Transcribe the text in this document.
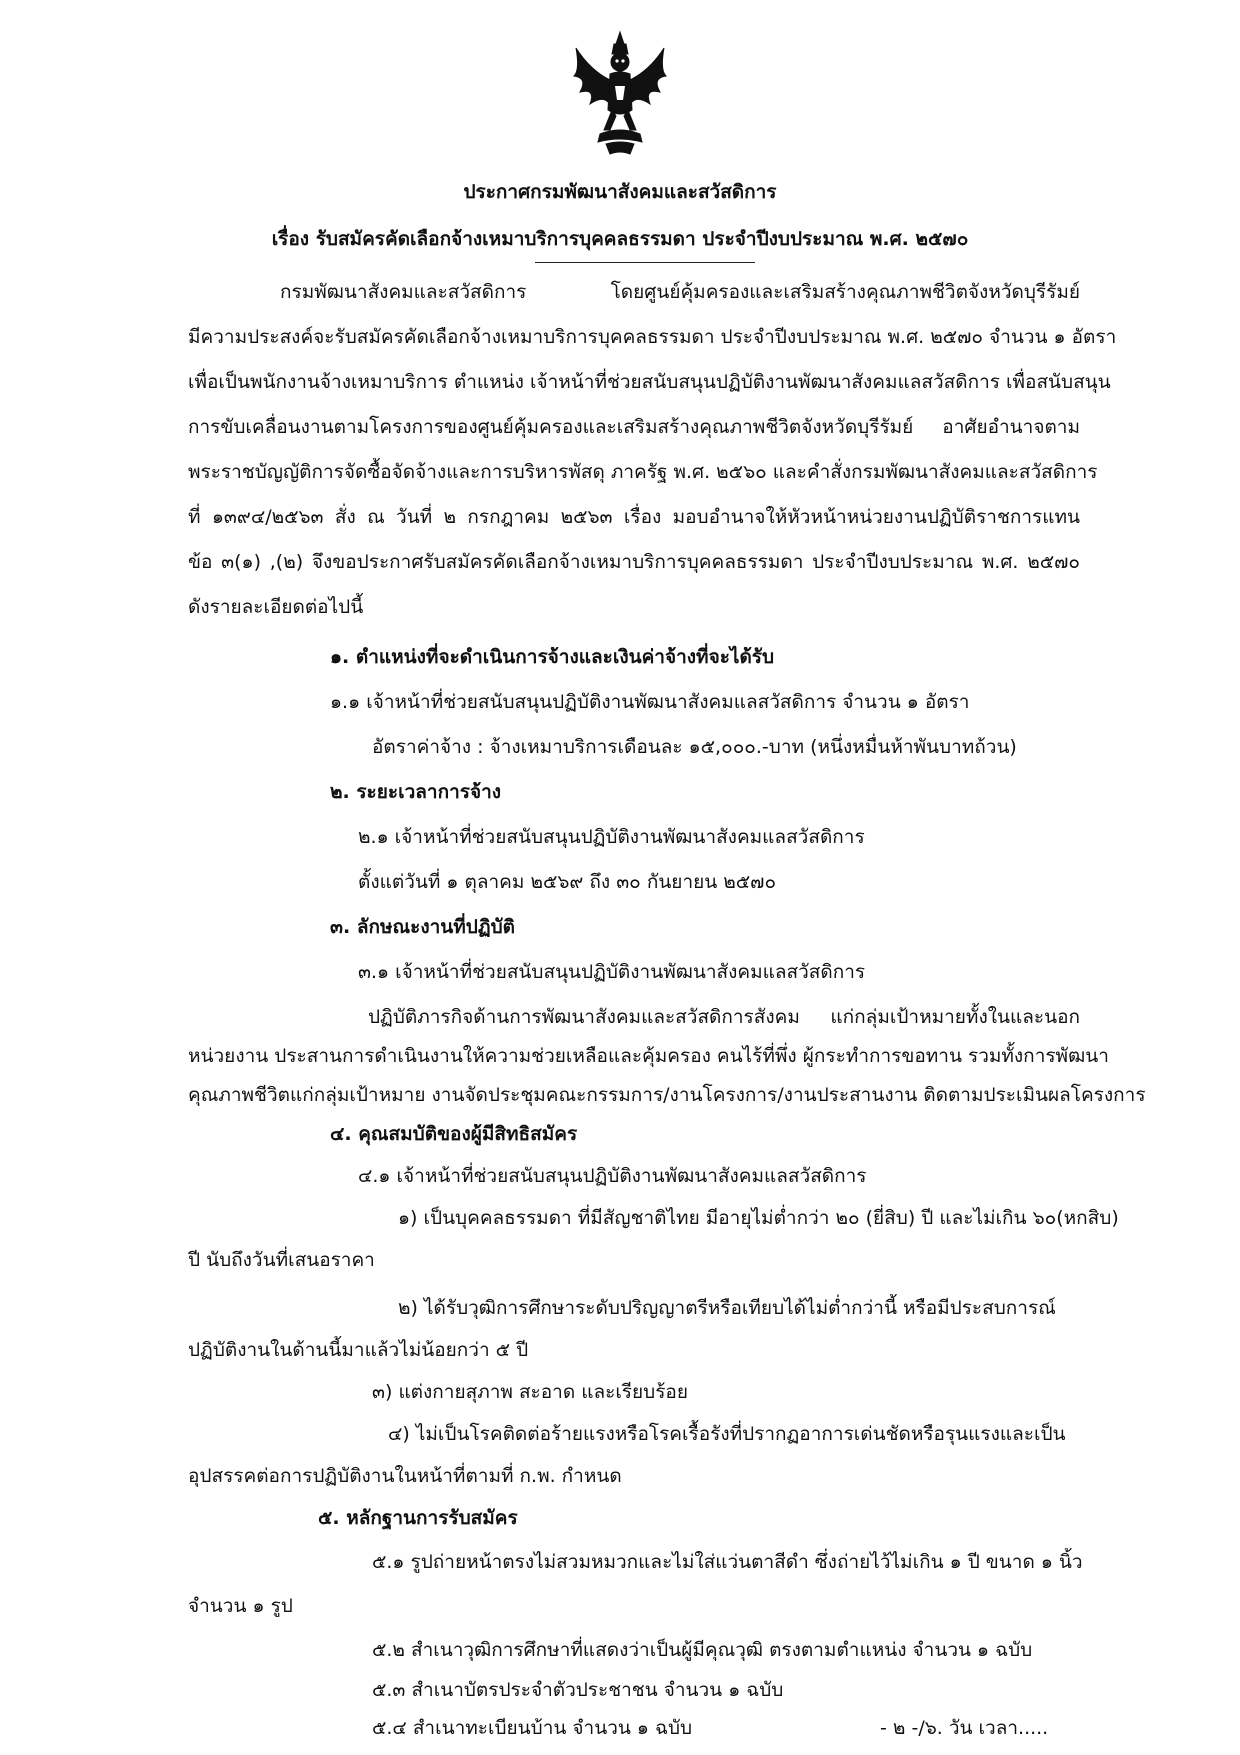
ประกาศกรมพัฒนาสังคมและสวัสดิการ
เรื่อง รับสมัครคัดเลือกจ้างเหมาบริการบุคคลธรรมดา ประจำปีงบประมาณ พ.ศ. ๒๕๗๐
กรมพัฒนาสังคมและสวัสดิการ โดยศูนย์คุ้มครองและเสริมสร้างคุณภาพชีวิตจังหวัดบุรีรัมย์
มีความประสงค์จะรับสมัครคัดเลือกจ้างเหมาบริการบุคคลธรรมดา ประจำปีงบประมาณ พ.ศ. ๒๕๗๐ จำนวน ๑ อัตรา
เพื่อเป็นพนักงานจ้างเหมาบริการ ตำแหน่ง เจ้าหน้าที่ช่วยสนับสนุนปฏิบัติงานพัฒนาสังคมแลสวัสดิการ เพื่อสนับสนุน
การขับเคลื่อนงานตามโครงการของศูนย์คุ้มครองและเสริมสร้างคุณภาพชีวิตจังหวัดบุรีรัมย์ อาศัยอำนาจตาม
พระราชบัญญัติการจัดซื้อจัดจ้างและการบริหารพัสดุ ภาครัฐ พ.ศ. ๒๕๖๐ และคำสั่งกรมพัฒนาสังคมและสวัสดิการ
ที่ ๑๓๙๔/๒๕๖๓ สั่ง ณ วันที่ ๒ กรกฎาคม ๒๕๖๓ เรื่อง มอบอำนาจให้หัวหน้าหน่วยงานปฏิบัติราชการแทน
ข้อ ๓(๑) ,(๒) จึงขอประกาศรับสมัครคัดเลือกจ้างเหมาบริการบุคคลธรรมดา ประจำปีงบประมาณ พ.ศ. ๒๕๗๐
ดังรายละเอียดต่อไปนี้
๑. ตำแหน่งที่จะดำเนินการจ้างและเงินค่าจ้างที่จะได้รับ
๑.๑ เจ้าหน้าที่ช่วยสนับสนุนปฏิบัติงานพัฒนาสังคมแลสวัสดิการ จำนวน ๑ อัตรา
อัตราค่าจ้าง : จ้างเหมาบริการเดือนละ ๑๕,๐๐๐.-บาท (หนึ่งหมื่นห้าพันบาทถ้วน)
๒. ระยะเวลาการจ้าง
๒.๑ เจ้าหน้าที่ช่วยสนับสนุนปฏิบัติงานพัฒนาสังคมแลสวัสดิการ
ตั้งแต่วันที่ ๑ ตุลาคม ๒๕๖๙ ถึง ๓๐ กันยายน ๒๕๗๐
๓. ลักษณะงานที่ปฏิบัติ
๓.๑ เจ้าหน้าที่ช่วยสนับสนุนปฏิบัติงานพัฒนาสังคมแลสวัสดิการ
ปฏิบัติภารกิจด้านการพัฒนาสังคมและสวัสดิการสังคม แก่กลุ่มเป้าหมายทั้งในและนอก
หน่วยงาน ประสานการดำเนินงานให้ความช่วยเหลือและคุ้มครอง คนไร้ที่พึ่ง ผู้กระทำการขอทาน รวมทั้งการพัฒนา
คุณภาพชีวิตแก่กลุ่มเป้าหมาย งานจัดประชุมคณะกรรมการ/งานโครงการ/งานประสานงาน ติดตามประเมินผลโครงการ
๔. คุณสมบัติของผู้มีสิทธิสมัคร
๔.๑ เจ้าหน้าที่ช่วยสนับสนุนปฏิบัติงานพัฒนาสังคมแลสวัสดิการ
๑) เป็นบุคคลธรรมดา ที่มีสัญชาติไทย มีอายุไม่ต่ำกว่า ๒๐ (ยี่สิบ) ปี และไม่เกิน ๖๐(หกสิบ)
ปี นับถึงวันที่เสนอราคา
๒) ได้รับวุฒิการศึกษาระดับปริญญาตรีหรือเทียบได้ไม่ต่ำกว่านี้ หรือมีประสบการณ์
ปฏิบัติงานในด้านนี้มาแล้วไม่น้อยกว่า ๕ ปี
๓) แต่งกายสุภาพ สะอาด และเรียบร้อย
๔) ไม่เป็นโรคติดต่อร้ายแรงหรือโรคเรื้อรังที่ปรากฏอาการเด่นชัดหรือรุนแรงและเป็น
อุปสรรคต่อการปฏิบัติงานในหน้าที่ตามที่ ก.พ. กำหนด
๕. หลักฐานการรับสมัคร
๕.๑ รูปถ่ายหน้าตรงไม่สวมหมวกและไม่ใส่แว่นตาสีดำ ซึ่งถ่ายไว้ไม่เกิน ๑ ปี ขนาด ๑ นิ้ว
จำนวน ๑ รูป
๕.๒ สำเนาวุฒิการศึกษาที่แสดงว่าเป็นผู้มีคุณวุฒิ ตรงตามตำแหน่ง จำนวน ๑ ฉบับ
๕.๓ สำเนาบัตรประจำตัวประชาชน จำนวน ๑ ฉบับ
๕.๔ สำเนาทะเบียนบ้าน จำนวน ๑ ฉบับ	- ๒ -/๖. วัน เวลา.....
